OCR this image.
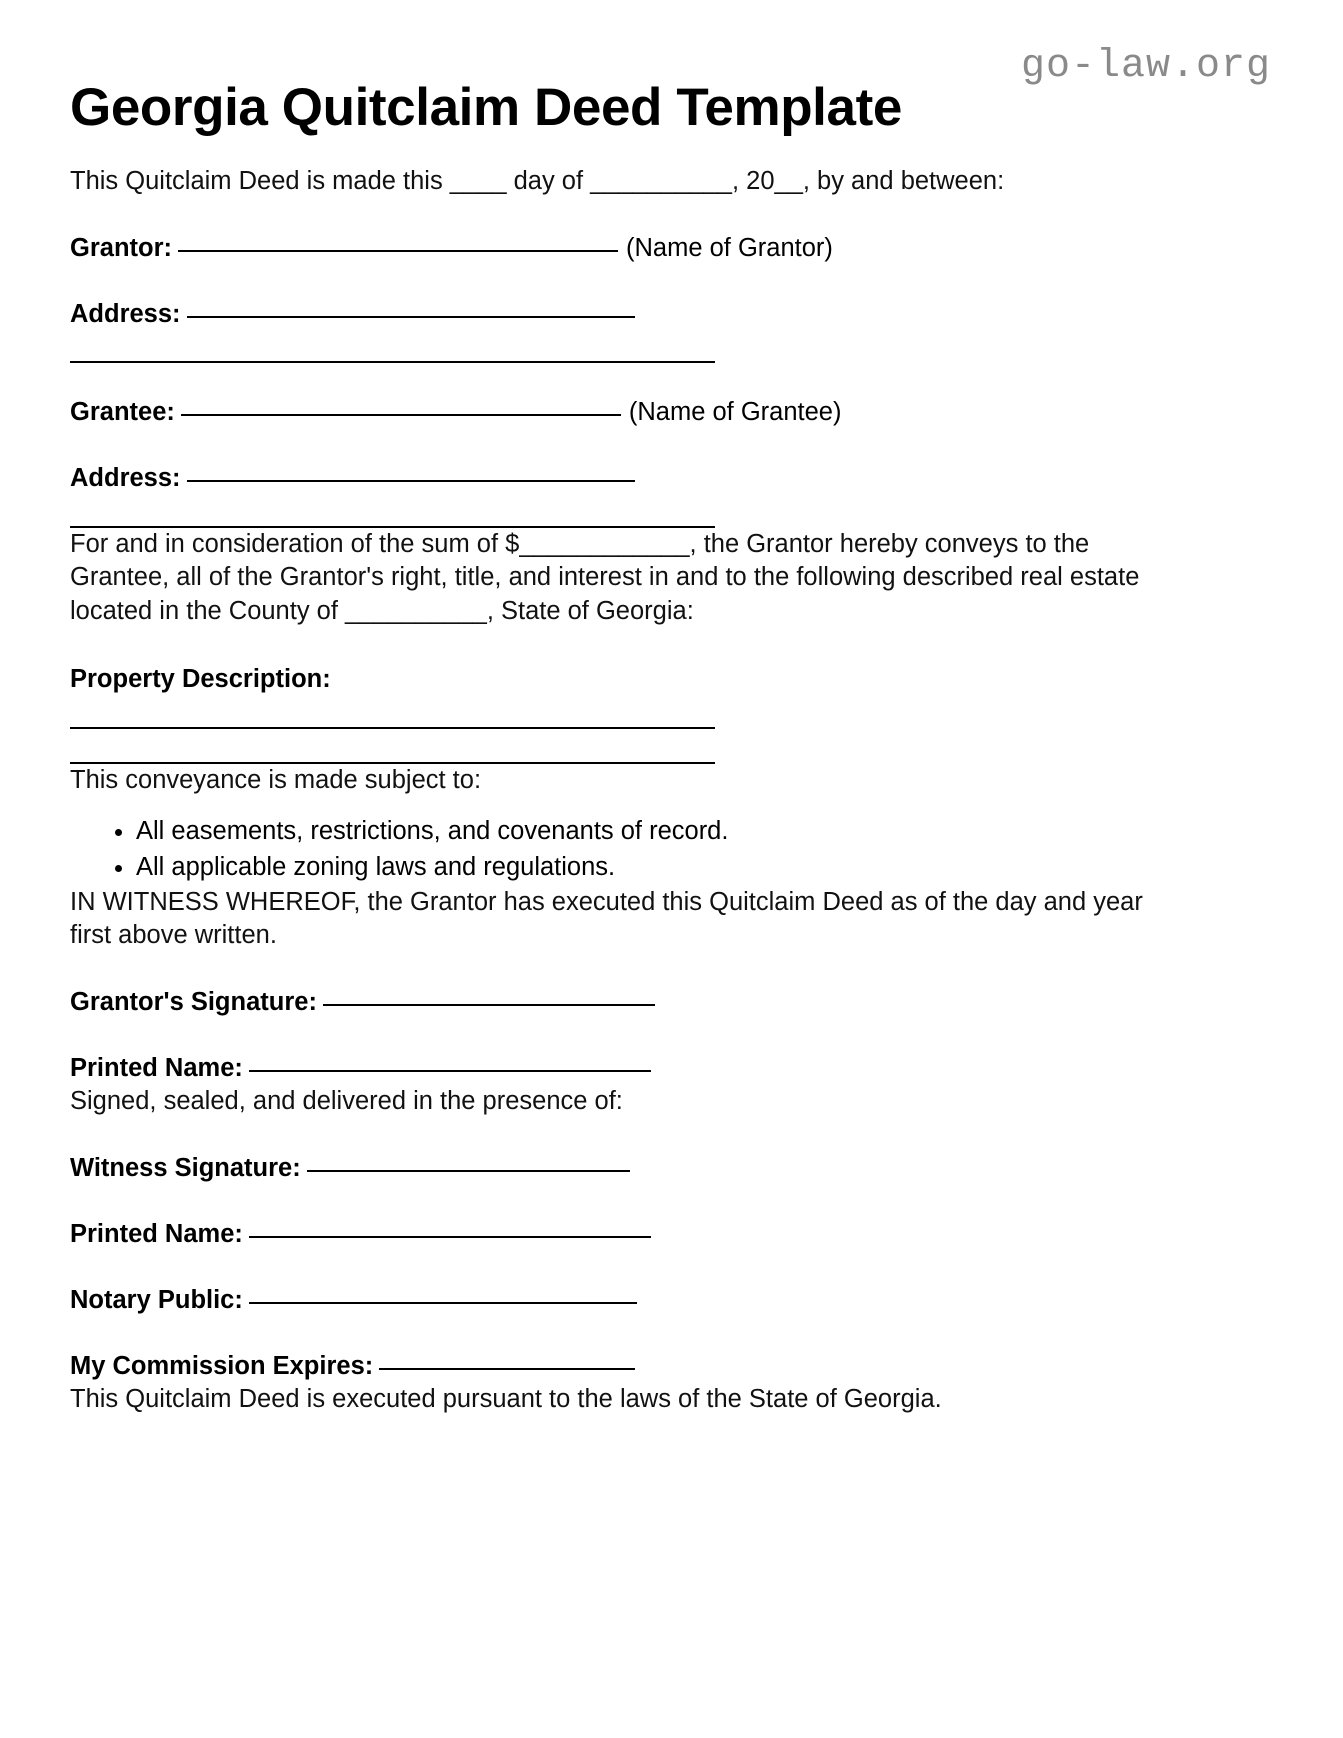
go-law.org
Georgia Quitclaim Deed Template

This Quitclaim Deed is made this ____ day of __________, 20__, by and between:

Grantor:	(Name of Grantor)
Address:
Grantee:	(Name of Grantee)
Address:

For and in consideration of the sum of $____________, the Grantor hereby conveys to the Grantee, all of the Grantor's right, title, and interest in and to the following described real estate located in the County of __________, State of Georgia:

Property Description:

This conveyance is made subject to:

• All easements, restrictions, and covenants of record.
• All applicable zoning laws and regulations.

IN WITNESS WHEREOF, the Grantor has executed this Quitclaim Deed as of the day and year first above written.

Grantor's Signature:
Printed Name:

Signed, sealed, and delivered in the presence of:

Witness Signature:
Printed Name:
Notary Public:
My Commission Expires:

This Quitclaim Deed is executed pursuant to the laws of the State of Georgia.
